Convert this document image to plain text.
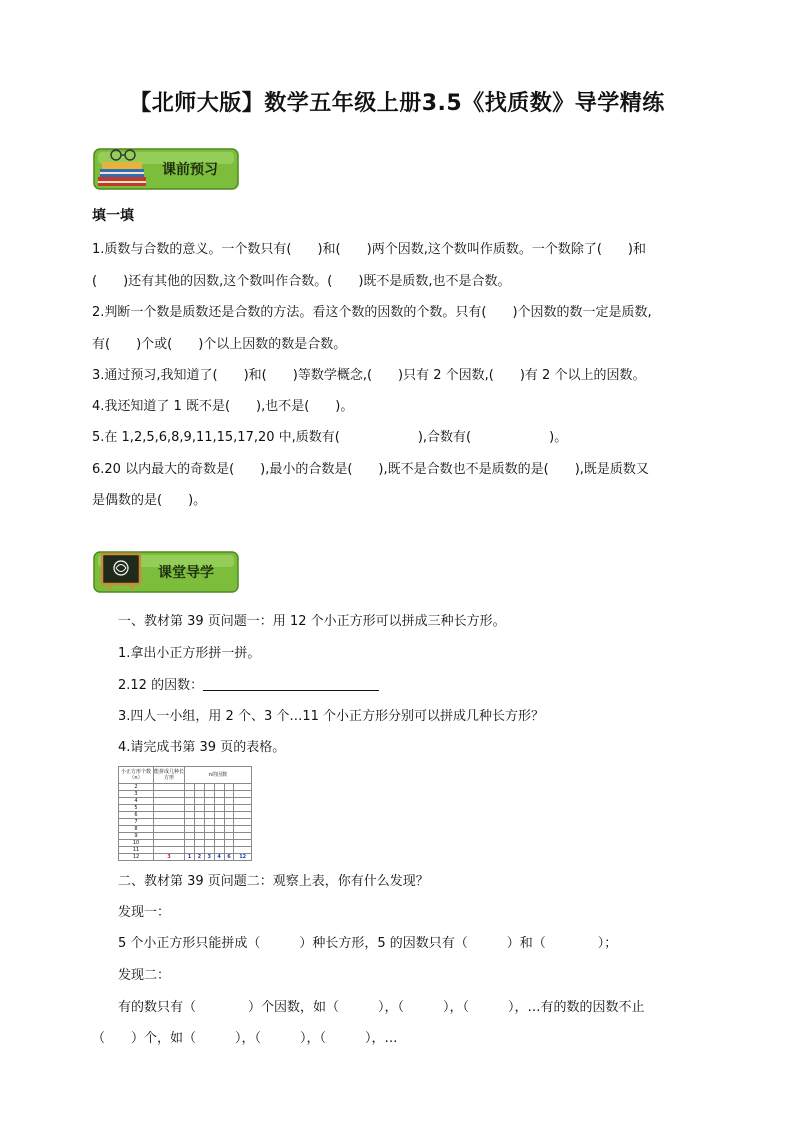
【北师大版】数学五年级上册3.5《找质数》导学精练
课前预习
填一填
1.质数与合数的意义。一个数只有(　　)和(　　)两个因数,这个数叫作质数。一个数除了(　　)和
(　　)还有其他的因数,这个数叫作合数。(　　)既不是质数,也不是合数。
2.判断一个数是质数还是合数的方法。看这个数的因数的个数。只有(　　)个因数的数一定是质数,
有(　　)个或(　　)个以上因数的数是合数。
3.通过预习,我知道了(　　)和(　　)等数学概念,(　　)只有 2 个因数,(　　)有 2 个以上的因数。
4.我还知道了 1 既不是(　　),也不是(　　)。
5.在 1,2,5,6,8,9,11,15,17,20 中,质数有(　　　　　　),合数有(　　　　　　)。
6.20 以内最大的奇数是(　　),最小的合数是(　　),既不是合数也不是质数的是(　　),既是质数又
是偶数的是(　　)。
课堂导学
一、教材第 39 页问题一：用 12 个小正方形可以拼成三种长方形。
1.拿出小正方形拼一拼。
2.12 的因数：
3.四人一小组，用 2 个、3 个…11 个小正方形分别可以拼成几种长方形？
4.请完成书第 39 页的表格。
小正方形个数（n）	能拼成几种长方形	n的因数					
2							
3							
4							
5							
6							
7							
8							
9							
10							
11							
12	3	1	2	3	4	6	12
二、教材第 39 页问题二：观察上表，你有什么发现？
发现一：
5 个小正方形只能拼成（　　　）种长方形，5 的因数只有（　　　）和（　　　　）；
发现二：
有的数只有（　　　　）个因数，如（　　　），（　　　），（　　　），…有的数的因数不止
（　　）个，如（　　　），（　　　），（　　　），…
